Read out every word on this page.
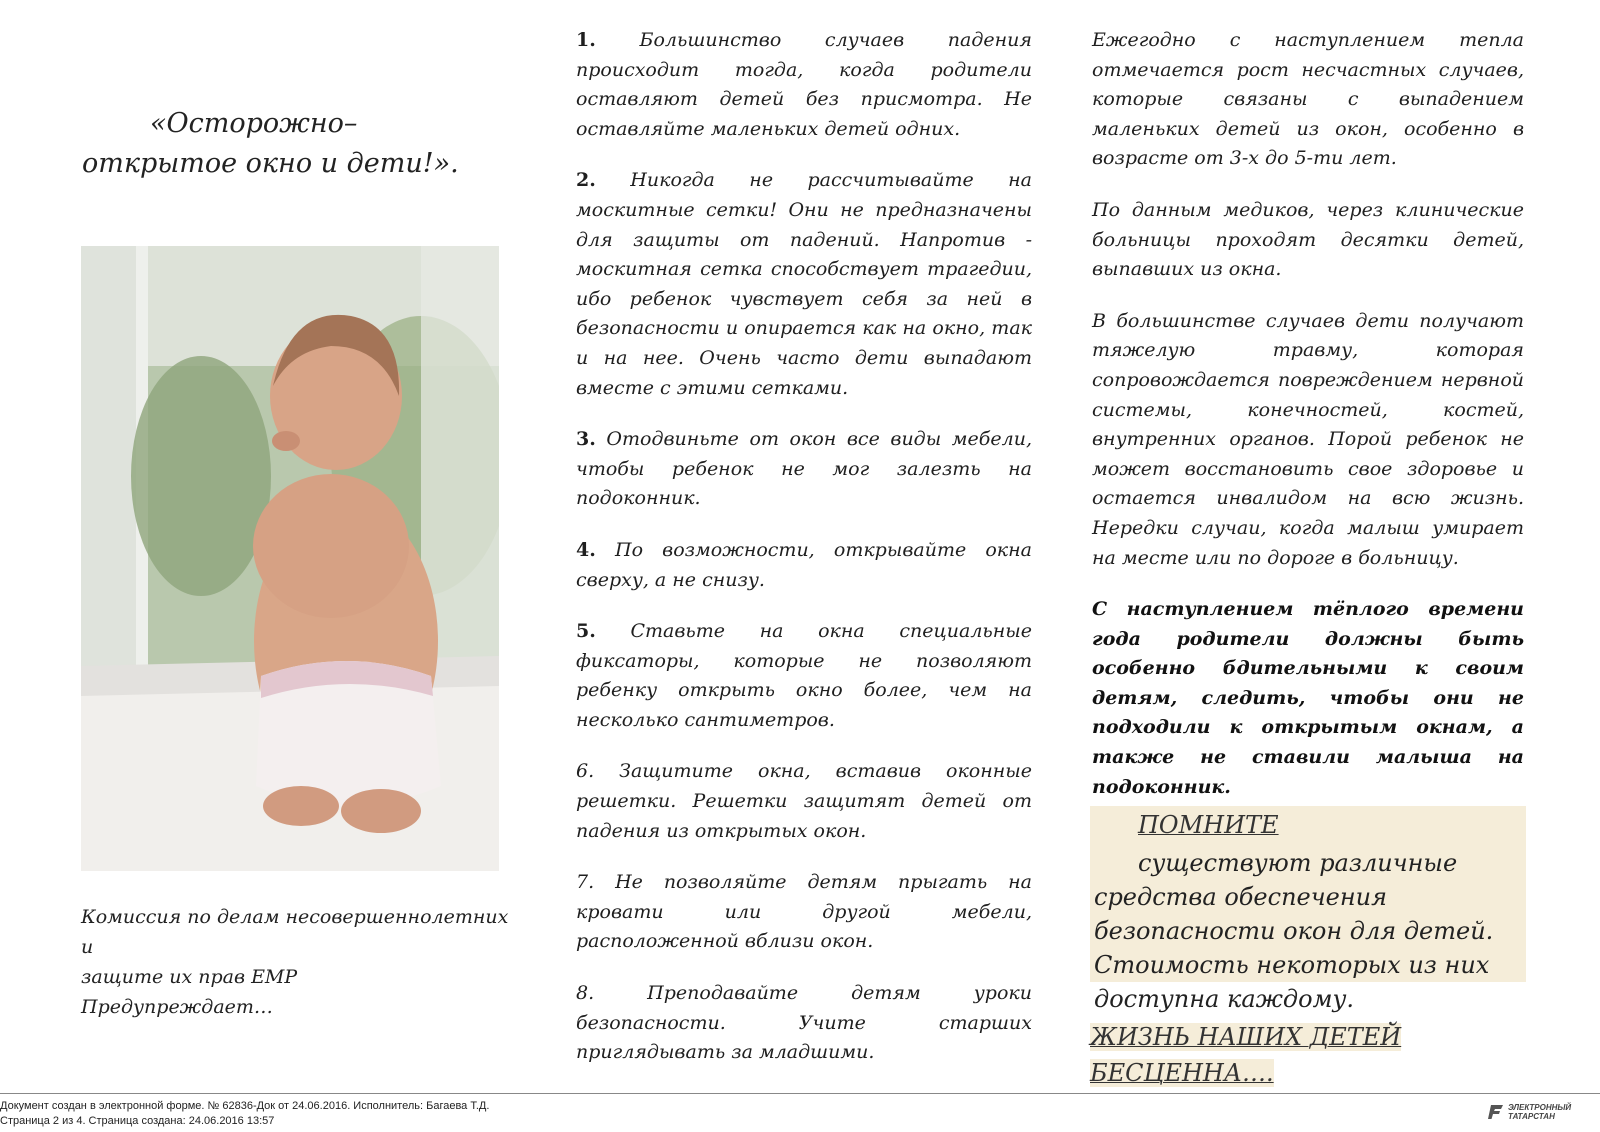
«Осторожно– открытое окно и дети!».
Комиссия по делам несовершеннолетних и
защите их прав ЕМР
Предупреждает…

1. Большинство случаев падения происходит тогда, когда родители оставляют детей без присмотра. Не оставляйте маленьких детей одних.

2. Никогда не рассчитывайте на москитные сетки! Они не предназначены для защиты от падений. Напротив - москитная сетка способствует трагедии, ибо ребенок чувствует себя за ней в безопасности и опирается как на окно, так и на нее. Очень часто дети выпадают вместе с этими сетками.

3. Отодвиньте от окон все виды мебели, чтобы ребенок не мог залезть на подоконник.

4. По возможности, открывайте окна сверху, а не снизу.

5. Ставьте на окна специальные фиксаторы, которые не позволяют ребенку открыть окно более, чем на несколько сантиметров.

6. Защитите окна, вставив оконные решетки. Решетки защитят детей от падения из открытых окон.

7. Не позволяйте детям прыгать на кровати или другой мебели, расположенной вблизи окон.

8. Преподавайте детям уроки безопасности. Учите старших приглядывать за младшими.

Ежегодно с наступлением тепла отмечается рост несчастных случаев, которые связаны с выпадением маленьких детей из окон, особенно в возрасте от 3-х до 5-ти лет.

По данным медиков, через клинические больницы проходят десятки детей, выпавших из окна.

В большинстве случаев дети получают тяжелую травму, которая сопровождается повреждением нервной системы, конечностей, костей, внутренних органов. Порой ребенок не может восстановить свое здоровье и остается инвалидом на всю жизнь. Нередки случаи, когда малыш умирает на месте или по дороге в больницу.

С наступлением тёплого времени года родители должны быть особенно бдительными к своим детям, следить, чтобы они не подходили к открытым окнам, а также не ставили малыша на подоконник.

ПОМНИТЕ
существуют различные средства обеспечения безопасности окон для детей. Стоимость некоторых из них доступна каждому.
ЖИЗНЬ НАШИХ ДЕТЕЙ
БЕСЦЕННА….
Документ создан в электронной форме. № 62836-Док от 24.06.2016. Исполнитель: Багаева Т.Д.
Страница 2 из 4. Страница создана: 24.06.2016 13:57
ЭЛЕКТРОННЫЙ
ТАТАРСТАН
